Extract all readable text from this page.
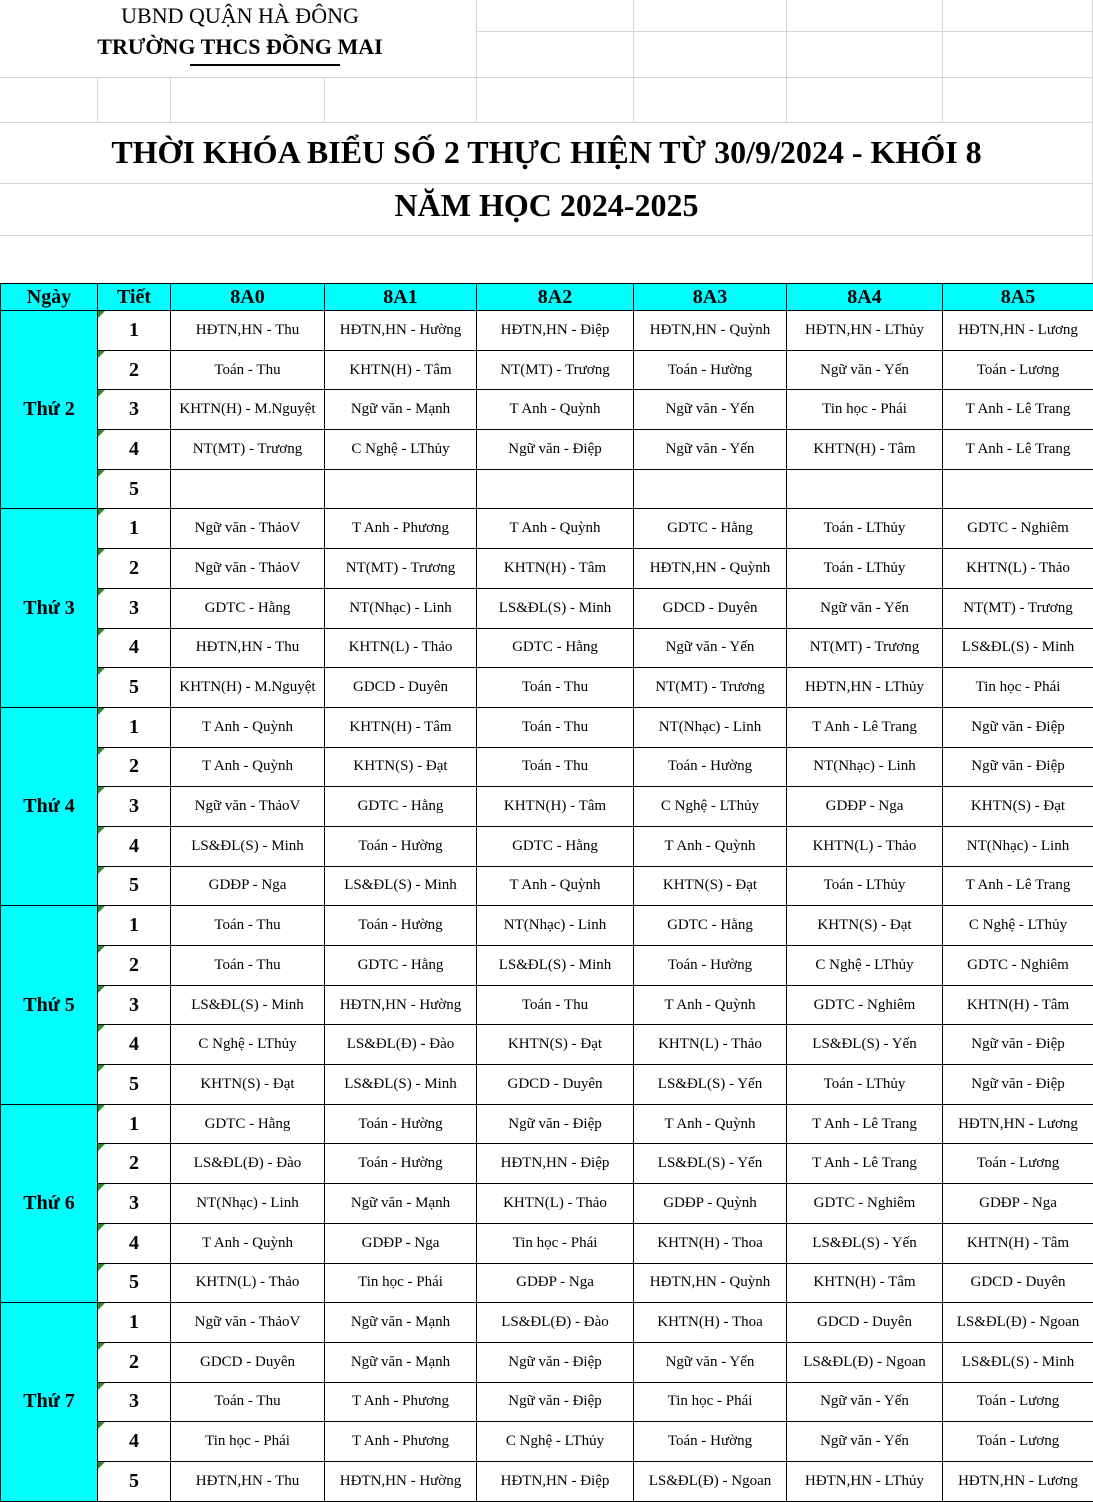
UBND QUẬN HÀ ĐÔNG
TRƯỜNG THCS ĐỒNG MAI
THỜI KHÓA BIỂU SỐ 2 THỰC HIỆN TỪ 30/9/2024 - KHỐI 8
NĂM HỌC 2024-2025
Ngày	Tiết	8A0	8A1	8A2	8A3	8A4	8A5
Thứ 2	1	HĐTN,HN - Thu	HĐTN,HN - Hường	HĐTN,HN - Điệp	HĐTN,HN - Quỳnh	HĐTN,HN - LThủy	HĐTN,HN - Lương

2	Toán - Thu	KHTN(H) - Tâm	NT(MT) - Trương	Toán - Hường	Ngữ văn - Yến	Toán - Lương

3	KHTN(H) - M.Nguyệt	Ngữ văn - Mạnh	T Anh - Quỳnh	Ngữ văn - Yến	Tin học - Phái	T Anh - Lê Trang

4	NT(MT) - Trương	C Nghệ - LThủy	Ngữ văn - Điệp	Ngữ văn - Yến	KHTN(H) - Tâm	T Anh - Lê Trang

5						
Thứ 3	1	Ngữ văn - ThảoV	T Anh - Phương	T Anh - Quỳnh	GDTC - Hằng	Toán - LThủy	GDTC - Nghiêm

2	Ngữ văn - ThảoV	NT(MT) - Trương	KHTN(H) - Tâm	HĐTN,HN - Quỳnh	Toán - LThủy	KHTN(L) - Thảo

3	GDTC - Hằng	NT(Nhạc) - Linh	LS&ĐL(S) - Minh	GDCD - Duyên	Ngữ văn - Yến	NT(MT) - Trương

4	HĐTN,HN - Thu	KHTN(L) - Thảo	GDTC - Hằng	Ngữ văn - Yến	NT(MT) - Trương	LS&ĐL(S) - Minh

5	KHTN(H) - M.Nguyệt	GDCD - Duyên	Toán - Thu	NT(MT) - Trương	HĐTN,HN - LThủy	Tin học - Phái
Thứ 4	1	T Anh - Quỳnh	KHTN(H) - Tâm	Toán - Thu	NT(Nhạc) - Linh	T Anh - Lê Trang	Ngữ văn - Điệp

2	T Anh - Quỳnh	KHTN(S) - Đạt	Toán - Thu	Toán - Hường	NT(Nhạc) - Linh	Ngữ văn - Điệp

3	Ngữ văn - ThảoV	GDTC - Hằng	KHTN(H) - Tâm	C Nghệ - LThủy	GDĐP - Nga	KHTN(S) - Đạt

4	LS&ĐL(S) - Minh	Toán - Hường	GDTC - Hằng	T Anh - Quỳnh	KHTN(L) - Thảo	NT(Nhạc) - Linh

5	GDĐP - Nga	LS&ĐL(S) - Minh	T Anh - Quỳnh	KHTN(S) - Đạt	Toán - LThủy	T Anh - Lê Trang
Thứ 5	1	Toán - Thu	Toán - Hường	NT(Nhạc) - Linh	GDTC - Hằng	KHTN(S) - Đạt	C Nghệ - LThủy

2	Toán - Thu	GDTC - Hằng	LS&ĐL(S) - Minh	Toán - Hường	C Nghệ - LThủy	GDTC - Nghiêm

3	LS&ĐL(S) - Minh	HĐTN,HN - Hường	Toán - Thu	T Anh - Quỳnh	GDTC - Nghiêm	KHTN(H) - Tâm

4	C Nghệ - LThủy	LS&ĐL(Đ) - Đào	KHTN(S) - Đạt	KHTN(L) - Thảo	LS&ĐL(S) - Yến	Ngữ văn - Điệp

5	KHTN(S) - Đạt	LS&ĐL(S) - Minh	GDCD - Duyên	LS&ĐL(S) - Yến	Toán - LThủy	Ngữ văn - Điệp
Thứ 6	1	GDTC - Hằng	Toán - Hường	Ngữ văn - Điệp	T Anh - Quỳnh	T Anh - Lê Trang	HĐTN,HN - Lương

2	LS&ĐL(Đ) - Đào	Toán - Hường	HĐTN,HN - Điệp	LS&ĐL(S) - Yến	T Anh - Lê Trang	Toán - Lương

3	NT(Nhạc) - Linh	Ngữ văn - Mạnh	KHTN(L) - Thảo	GDĐP - Quỳnh	GDTC - Nghiêm	GDĐP - Nga

4	T Anh - Quỳnh	GDĐP - Nga	Tin học - Phái	KHTN(H) - Thoa	LS&ĐL(S) - Yến	KHTN(H) - Tâm

5	KHTN(L) - Thảo	Tin học - Phái	GDĐP - Nga	HĐTN,HN - Quỳnh	KHTN(H) - Tâm	GDCD - Duyên
Thứ 7	1	Ngữ văn - ThảoV	Ngữ văn - Mạnh	LS&ĐL(Đ) - Đào	KHTN(H) - Thoa	GDCD - Duyên	LS&ĐL(Đ) - Ngoan

2	GDCD - Duyên	Ngữ văn - Mạnh	Ngữ văn - Điệp	Ngữ văn - Yến	LS&ĐL(Đ) - Ngoan	LS&ĐL(S) - Minh

3	Toán - Thu	T Anh - Phương	Ngữ văn - Điệp	Tin học - Phái	Ngữ văn - Yến	Toán - Lương

4	Tin học - Phái	T Anh - Phương	C Nghệ - LThủy	Toán - Hường	Ngữ văn - Yến	Toán - Lương

5	HĐTN,HN - Thu	HĐTN,HN - Hường	HĐTN,HN - Điệp	LS&ĐL(Đ) - Ngoan	HĐTN,HN - LThủy	HĐTN,HN - Lương
